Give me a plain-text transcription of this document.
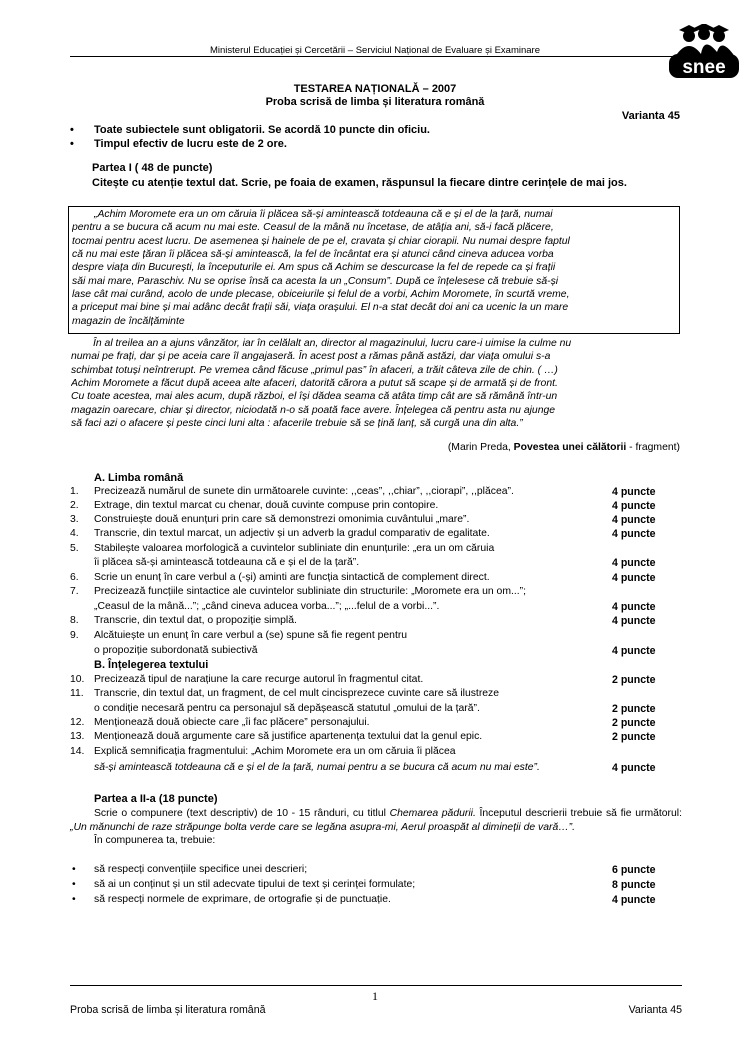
Ministerul Educației și Cercetării – Serviciul Național de Evaluare și Examinare
snee
TESTAREA NAȚIONALĂ – 2007
Proba scrisă de limba și literatura română
Varianta 45
• Toate subiectele sunt obligatorii. Se acordă 10 puncte din oficiu.
• Timpul efectiv de lucru este de 2 ore.
Partea I ( 48 de puncte)
Citește cu atenție textul dat. Scrie, pe foaia de examen, răspunsul la fiecare dintre cerințele de mai jos.
„Achim Moromete era un om căruia îi plăcea să-și amintească totdeauna că e și el de la țară, numai
pentru a se bucura că acum nu mai este. Ceasul de la mână nu încetase, de atâția ani, să-i facă plăcere,
tocmai pentru acest lucru. De asemenea și hainele de pe el, cravata și chiar ciorapii. Nu numai despre faptul
că nu mai este țăran îi plăcea să-și amintească, la fel de încântat era și atunci când cineva aducea vorba
despre viața din București, la începuturile ei. Am spus că Achim se descurcase la fel de repede ca și frații
săi mai mare, Paraschiv. Nu se oprise însă ca acesta la un „Consum”. După ce înțelesese că trebuie să-și
lase cât mai curând, acolo de unde plecase, obiceiurile și felul de a vorbi, Achim Moromete, în scurtă vreme,
a priceput mai bine și mai adânc decât frații săi, viața orașului. El n-a stat decât doi ani ca ucenic la un mare
magazin de încălțăminte
În al treilea an a ajuns vânzător, iar în celălalt an, director al magazinului, lucru care-i uimise la culme nu
numai pe frați, dar și pe aceia care îl angajaseră. În acest post a rămas până astăzi, dar viața omului s-a
schimbat totuși neîntrerupt. Pe vremea când făcuse „primul pas” în afaceri, a trăit câteva zile de chin. ( …)
Achim Moromete a făcut după aceea alte afaceri, datorită cărora a putut să scape și de armată și de front.
Cu toate acestea, mai ales acum, după război, el își dădea seama că atâta timp cât are să rămână într-un
magazin oarecare, chiar și director, niciodată n-o să poată face avere. Înțelegea că pentru asta nu ajunge
să faci azi o afacere și peste cinci luni alta : afacerile trebuie să se țină lanț, să curgă una din alta.”
(Marin Preda, Povestea unei călătorii - fragment)
A. Limba română
1.	Precizează numărul de sunete din următoarele cuvinte: ,,ceas”, ,,chiar”, ,,ciorapi”, ,,plăcea”.	4 puncte
2.	Extrage, din textul marcat cu chenar, două cuvinte compuse prin contopire.	4 puncte
3.	Construiește două enunțuri prin care să demonstrezi omonimia cuvântului „mare”.	4 puncte
4.	Transcrie, din textul marcat, un adjectiv și un adverb la gradul comparativ de egalitate.	4 puncte
5.	Stabilește valoarea morfologică a cuvintelor subliniate din enunțurile: „era un om căruia
îi plăcea să-și amintească totdeauna că e și el de la țară”.	4 puncte
6.	Scrie un enunț în care verbul a (-și) aminti are funcția sintactică de complement direct.	4 puncte
7.	Precizează funcțiile sintactice ale cuvintelor subliniate din structurile: „Moromete era un om...”;
„Ceasul de la mână...”; „când cineva aducea vorba...”; „...felul de a vorbi...”.	4 puncte
8.	Transcrie, din textul dat, o propoziție simplă.	4 puncte
9.	Alcătuiește un enunț în care verbul a (se) spune să fie regent pentru
o propoziție subordonată subiectivă	4 puncte
B. Înțelegerea textului
10. Precizează tipul de narațiune la care recurge autorul în fragmentul citat.	2 puncte
11. Transcrie, din textul dat, un fragment, de cel mult cincisprezece cuvinte care să ilustreze
o condiție necesară pentru ca personajul să depășească statutul „omului de la țară”.	2 puncte
12. Menționează două obiecte care „îi fac plăcere” personajului.	2 puncte
13. Menționează două argumente care să justifice apartenența textului dat la genul epic.	2 puncte
14. Explică semnificația fragmentului: „Achim Moromete era un om căruia îi plăcea
să-și amintească totdeauna că e și el de la țară, numai pentru a se bucura că acum nu mai este”.	4 puncte
Partea a II-a (18 puncte)
Scrie o compunere (text descriptiv) de 10 - 15 rânduri, cu titlul Chemarea pădurii. Începutul descrierii trebuie să fie următorul: „Un mănunchi de raze străpunge bolta verde care se legăna asupra-mi, Aerul proaspăt al dimineții de vară…”.
În compunerea ta, trebuie:
• să respecți convențiile specifice unei descrieri;	6 puncte
• să ai un conținut și un stil adecvate tipului de text și cerinței formulate;	8 puncte
• să respecți normele de exprimare, de ortografie și de punctuație.	4 puncte
1
Proba scrisă de limba și literatura română	Varianta 45
